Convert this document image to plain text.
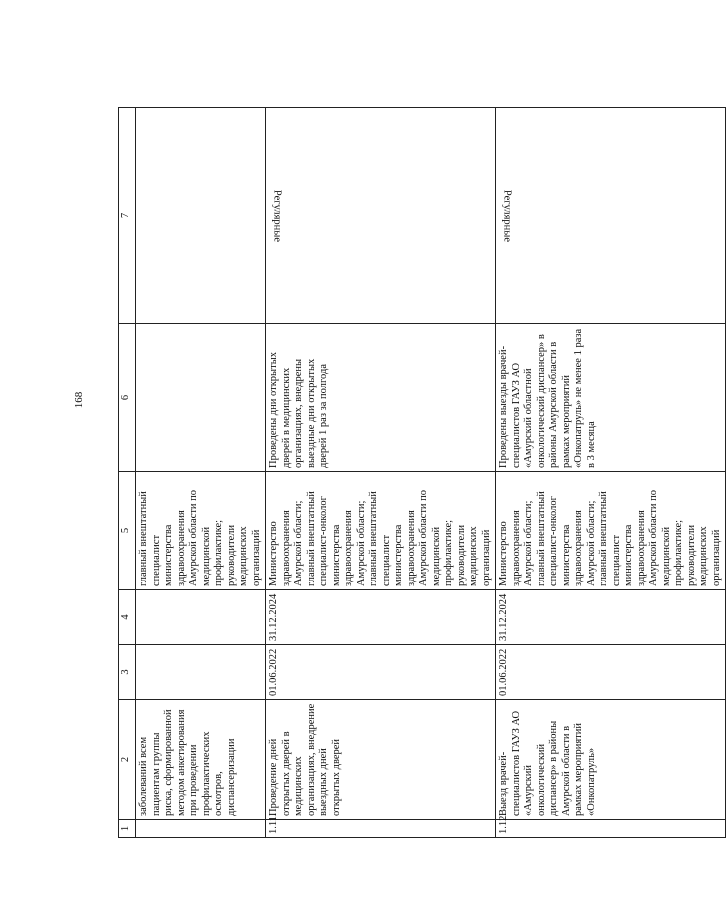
168
1	2	3	4	5	6	7
	заболеваний всем пациентам группы риска, сформированной методом анкетирования при проведении профилактических осмотров, диспансеризации			главный внештатный специалист министерства здравоохранения Амурской области по медицинской профилактике; руководители медицинских организаций		
1.11.	Проведение дней открытых дверей в медицинских организациях, внедрение выездных дней открытых дверей	01.06.2022	31.12.2024	Министерство здравоохранения Амурской области; главный внештатный специалист-онколог министерства здравоохранения Амурской области; главный внештатный специалист министерства здравоохранения Амурской области по медицинской профилактике; руководители медицинских организаций	Проведены дни открытых дверей в медицинских организациях, внедрены выездные дни открытых дверей 1 раз за полгода	Регулярные
1.12.	Выезд врачей-специалистов ГАУЗ АО «Амурский онкологический диспансер» в районы Амурской области в рамках мероприятий «Онкопатруль»	01.06.2022	31.12.2024	Министерство здравоохранения Амурской области; главный внештатный специалист-онколог министерства здравоохранения Амурской области; главный внештатный специалист министерства здравоохранения Амурской области по медицинской профилактике; руководители медицинских организаций	Проведены выезды врачей-специалистов ГАУЗ АО «Амурский областной онкологический диспансер» в районы Амурской области в рамках мероприятий «Онкопатруль» не менее 1 раза в 3 месяца	Регулярные
